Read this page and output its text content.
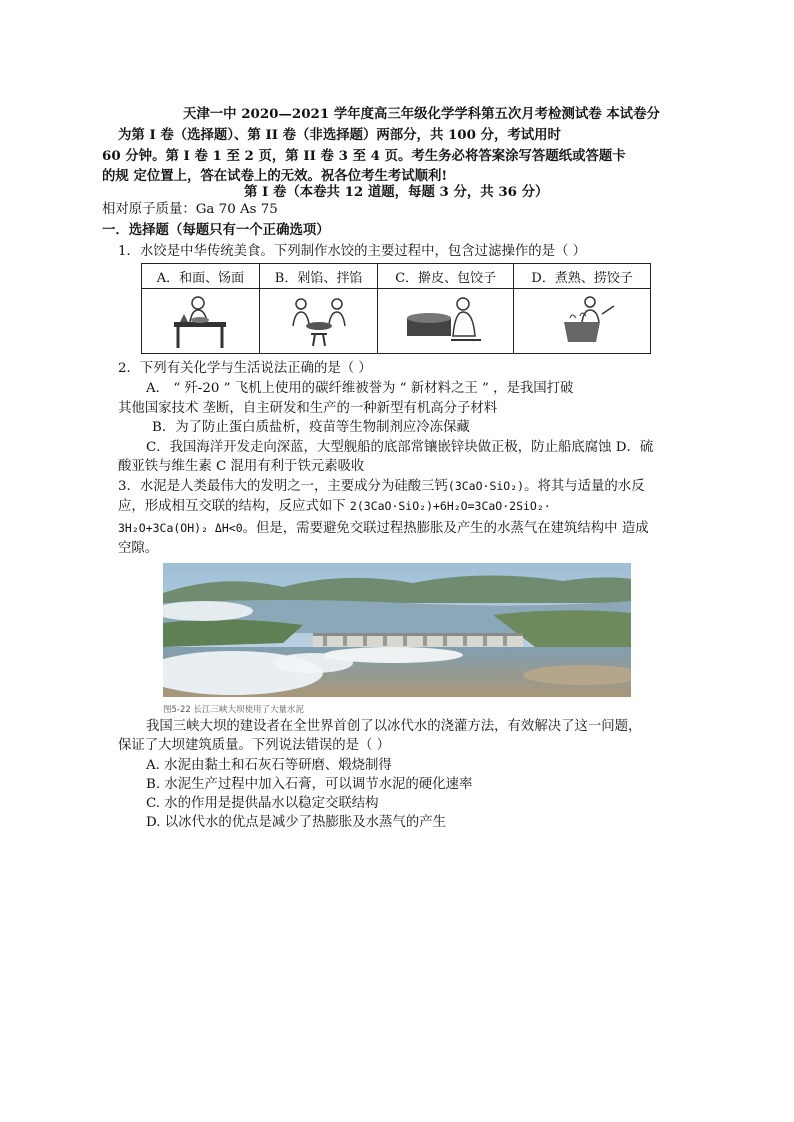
天津一中 2020—2021 学年度高三年级化学学科第五次月考检测试卷 本试卷分
为第 I 卷（选择题）、第 II 卷（非选择题）两部分，共 100 分，考试用时
60 分钟。第 I 卷 1 至 2 页，第 II 卷 3 至 4 页。考生务必将答案涂写答题纸或答题卡
的规 定位置上，答在试卷上的无效。祝各位考生考试顺利!
第 I 卷（本卷共 12 道题，每题 3 分，共 36 分）
相对原子质量：Ga 70 As 75
一．选择题（每题只有一个正确选项）
1．水饺是中华传统美食。下列制作水饺的主要过程中，包含过滤操作的是（ ）
A．和面、饧面	B．剁馅、拌馅	C．擀皮、包饺子	D．煮熟、捞饺子

2．下列有关化学与生活说法正确的是（ ）
A． “ 歼-20 ” 飞机上使用的碳纤维被誉为 “ 新材料之王 ” ，是我国打破
其他国家技术 垄断，自主研发和生产的一种新型有机高分子材料
B．为了防止蛋白质盐析，疫苗等生物制剂应冷冻保藏
C．我国海洋开发走向深蓝，大型舰船的底部常镶嵌锌块做正极，防止船底腐蚀 D．硫
酸亚铁与维生素 C 混用有利于铁元素吸收
3．水泥是人类最伟大的发明之一，主要成分为硅酸三钙(3CaO·SiO₂)。将其与适量的水反
应，形成相互交联的结构，反应式如下 2(3CaO·SiO₂)+6H₂O=3CaO·2SiO₂·
3H₂O+3Ca(OH)₂ ΔH<0。但是，需要避免交联过程热膨胀及产生的水蒸气在建筑结构中 造成
空隙。
图5-22 长江三峡大坝使用了大量水泥
我国三峡大坝的建设者在全世界首创了以冰代水的浇灌方法，有效解决了这一问题，
保证了大坝建筑质量。下列说法错误的是（ ）
A. 水泥由黏土和石灰石等研磨、煅烧制得
B. 水泥生产过程中加入石膏，可以调节水泥的硬化速率
C. 水的作用是提供晶水以稳定交联结构
D. 以冰代水的优点是减少了热膨胀及水蒸气的产生
